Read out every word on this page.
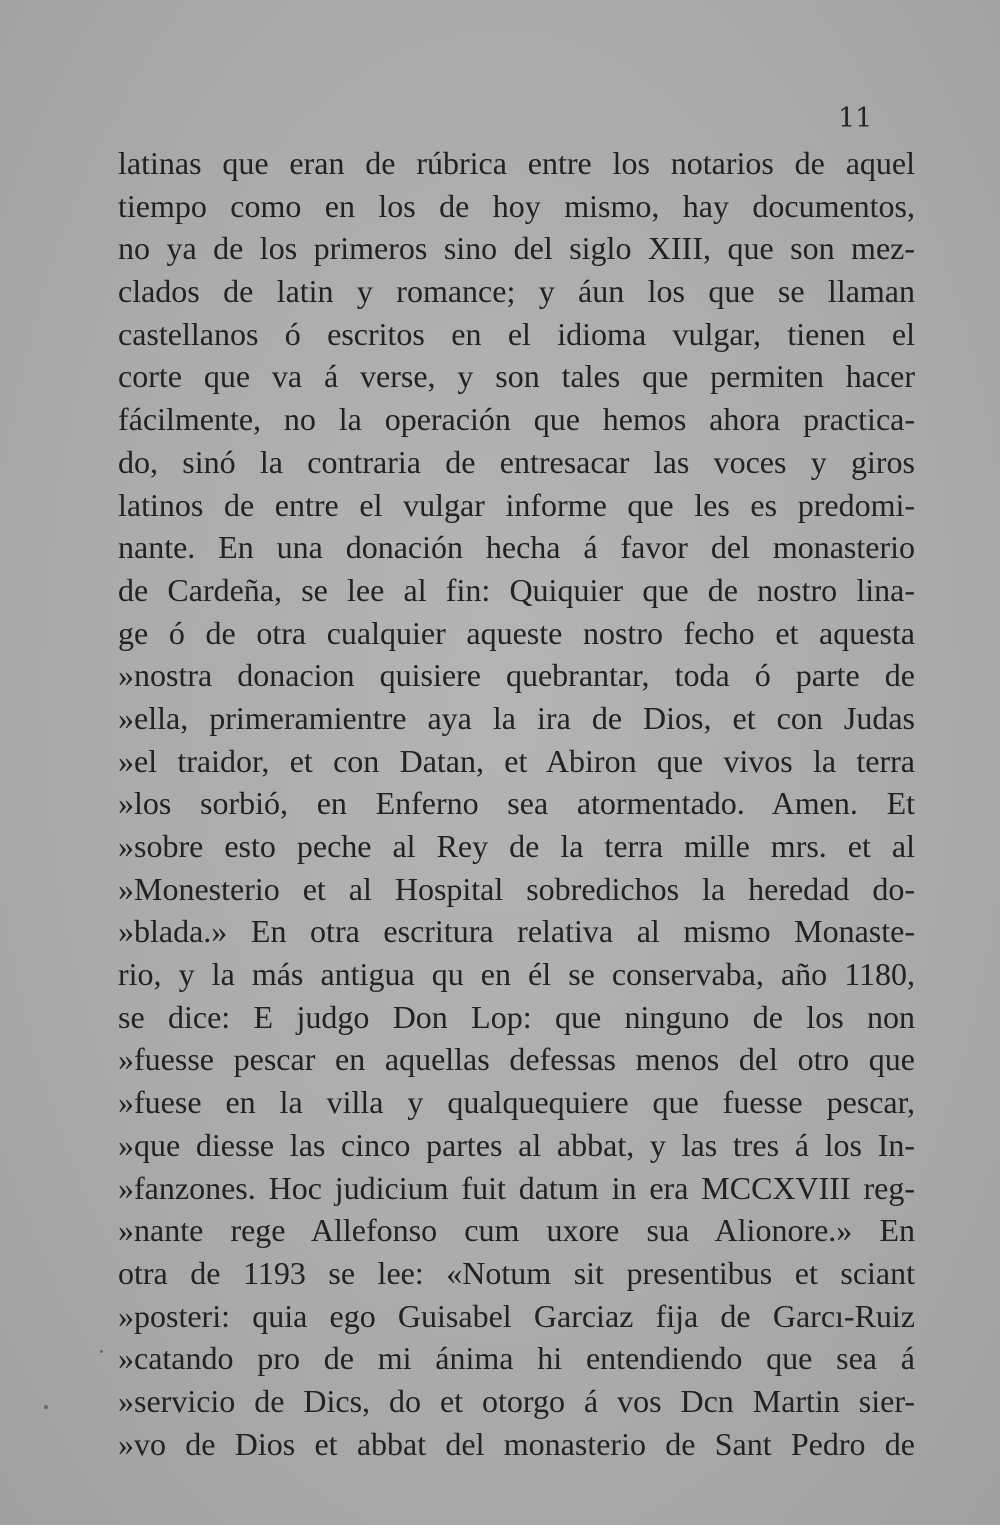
11

latinas que eran de rúbrica entre los notarios de aquel
tiempo como en los de hoy mismo, hay documentos,
no ya de los primeros sino del siglo XIII, que son mez-
clados de latin y romance; y áun los que se llaman
castellanos ó escritos en el idioma vulgar, tienen el
corte que va á verse, y son tales que permiten hacer
fácilmente, no la operación que hemos ahora practica-
do, sinó la contraria de entresacar las voces y giros
latinos de entre el vulgar informe que les es predomi-
nante. En una donación hecha á favor del monasterio
de Cardeña, se lee al fin: Quiquier que de nostro lina-
ge ó de otra cualquier aqueste nostro fecho et aquesta
»nostra donacion quisiere quebrantar, toda ó parte de
»ella, primeramientre aya la ira de Dios, et con Judas
»el traidor, et con Datan, et Abiron que vivos la terra
»los sorbió, en Enferno sea atormentado. Amen. Et
»sobre esto peche al Rey de la terra mille mrs. et al
»Monesterio et al Hospital sobredichos la heredad do-
»blada.» En otra escritura relativa al mismo Monaste-
rio, y la más antigua qu en él se conservaba, año 1180,
se dice: E judgo Don Lop: que ninguno de los non
»fuesse pescar en aquellas defessas menos del otro que
»fuese en la villa y qualquequiere que fuesse pescar,
»que diesse las cinco partes al abbat, y las tres á los In-
»fanzones. Hoc judicium fuit datum in era MCCXVIII reg-
»nante rege Allefonso cum uxore sua Alionore.» En
otra de 1193 se lee: «Notum sit presentibus et sciant
»posteri: quia ego Guisabel Garciaz fija de Garcı-Ruiz
»catando pro de mi ánima hi entendiendo que sea á
»servicio de Dics, do et otorgo á vos Dcn Martin sier-
»vo de Dios et abbat del monasterio de Sant Pedro de
